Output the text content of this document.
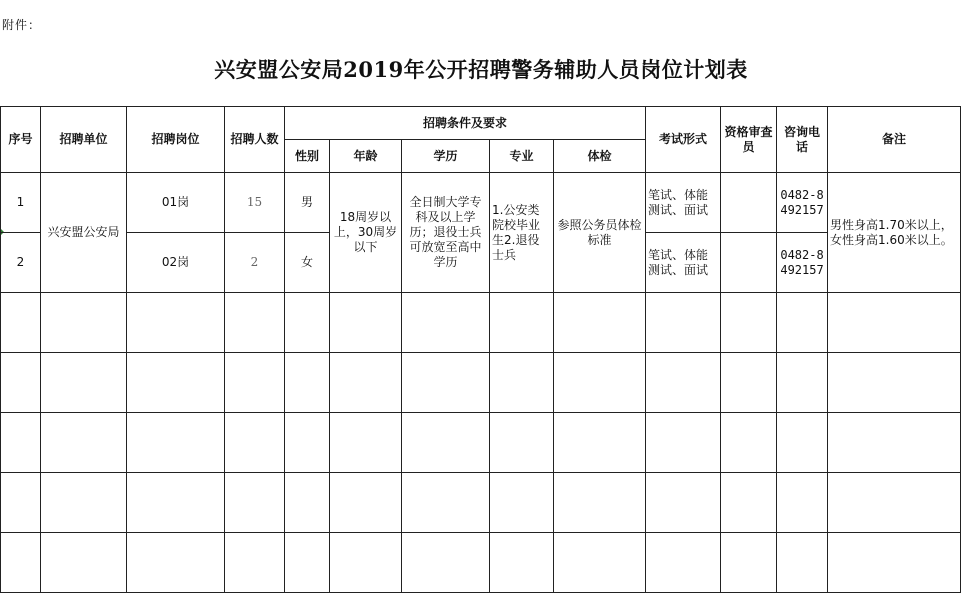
附件：
兴安盟公安局2019年公开招聘警务辅助人员岗位计划表
序号	招聘单位	招聘岗位	招聘人数	招聘条件及要求					考试形式	资格审查员	咨询电话	备注
				性别	年龄	学历	专业	体检				
1	兴安盟公安局	01岗	15	男	18周岁以上，30周岁以下	全日制大学专科及以上学历；退役士兵可放宽至高中学历	1.公安类院校毕业生2.退役士兵	参照公务员体检标准	笔试、体能测试、面试		0482-8492157	男性身高1.70米以上，女性身高1.60米以上。
2		02岗	2	女					笔试、体能测试、面试		0482-8492157	
